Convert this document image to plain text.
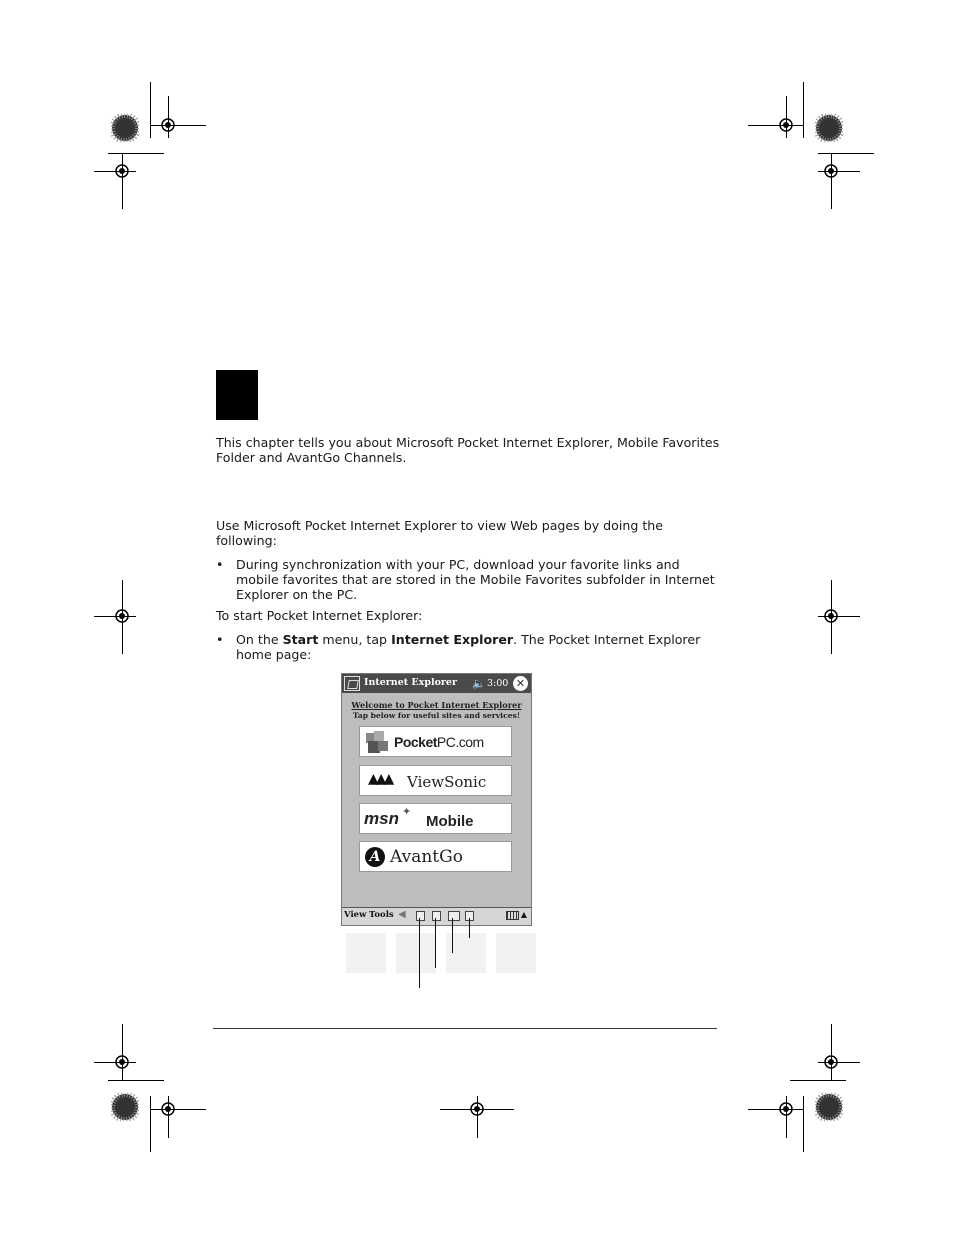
This chapter tells you about Microsoft Pocket Internet Explorer, Mobile Favorites Folder and AvantGo Channels.
Use Microsoft Pocket Internet Explorer to view Web pages by doing the following:
• During synchronization with your PC, download your favorite links and mobile favorites that are stored in the Mobile Favorites subfolder in Internet Explorer on the PC.
To start Pocket Internet Explorer:
• On the Start menu, tap Internet Explorer. The Pocket Internet Explorer home page:
Internet Explorer 🔈 3:00 ✕
Welcome to Pocket Internet Explorer
Tap below for useful sites and services!
PocketPC.com
▲▲▲ ViewSonic
msn ✦
Mobile
A AvantGo
View Tools ◀	▲
